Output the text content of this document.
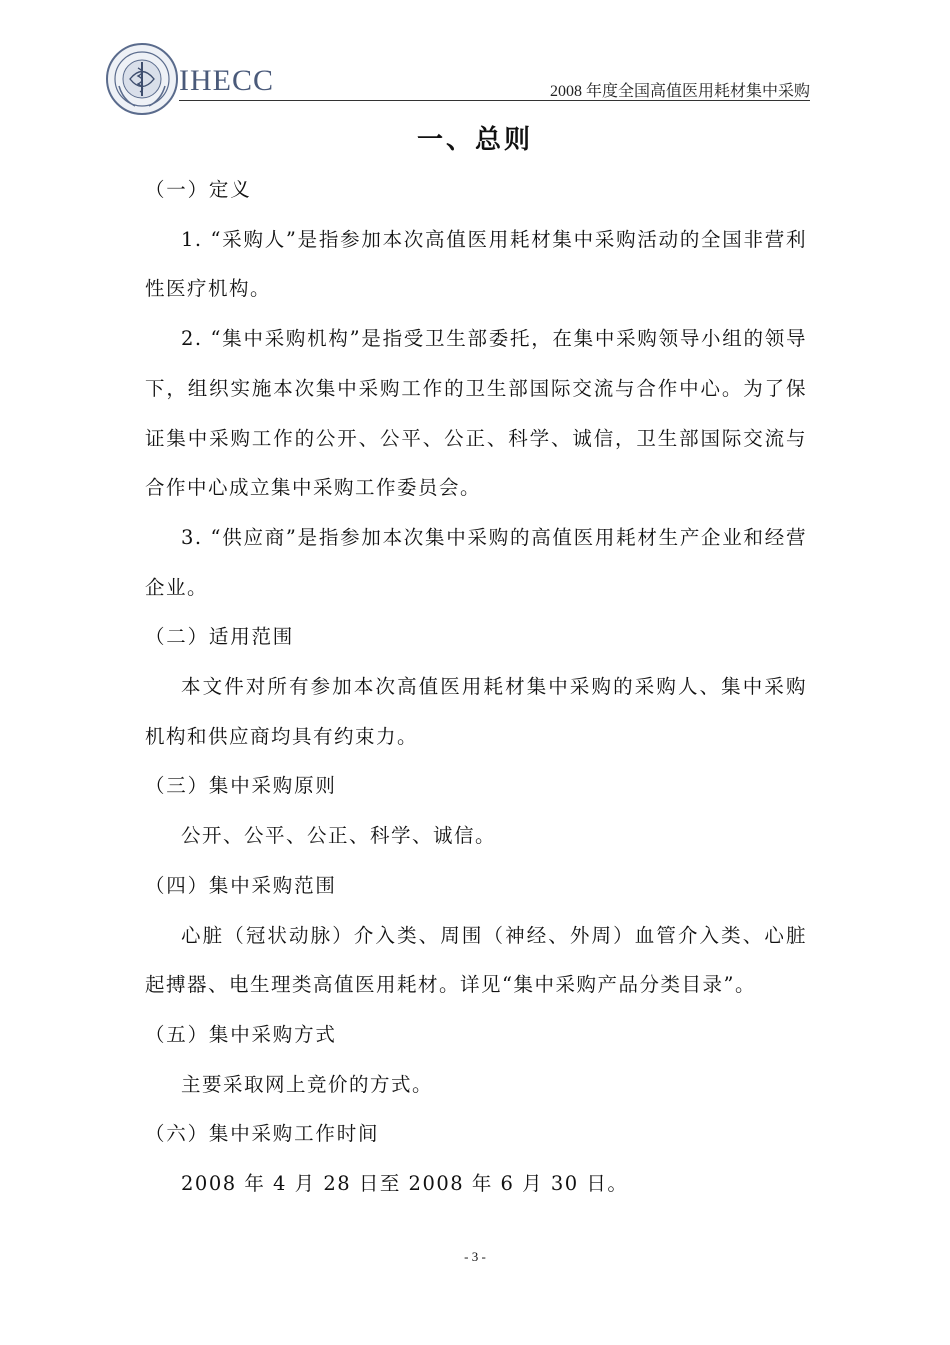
IHECC	2008 年度全国高值医用耗材集中采购
一、总则

（一）定义

1. “采购人”是指参加本次高值医用耗材集中采购活动的全国非营利性医疗机构。

2. “集中采购机构”是指受卫生部委托，在集中采购领导小组的领导下，组织实施本次集中采购工作的卫生部国际交流与合作中心。为了保证集中采购工作的公开、公平、公正、科学、诚信，卫生部国际交流与合作中心成立集中采购工作委员会。

3. “供应商”是指参加本次集中采购的高值医用耗材生产企业和经营企业。

（二）适用范围

本文件对所有参加本次高值医用耗材集中采购的采购人、集中采购机构和供应商均具有约束力。

（三）集中采购原则

公开、公平、公正、科学、诚信。

（四）集中采购范围

心脏（冠状动脉）介入类、周围（神经、外周）血管介入类、心脏起搏器、电生理类高值医用耗材。详见“集中采购产品分类目录”。

（五）集中采购方式

主要采取网上竞价的方式。

（六）集中采购工作时间

2008 年 4 月 28 日至 2008 年 6 月 30 日。

- 3 -
